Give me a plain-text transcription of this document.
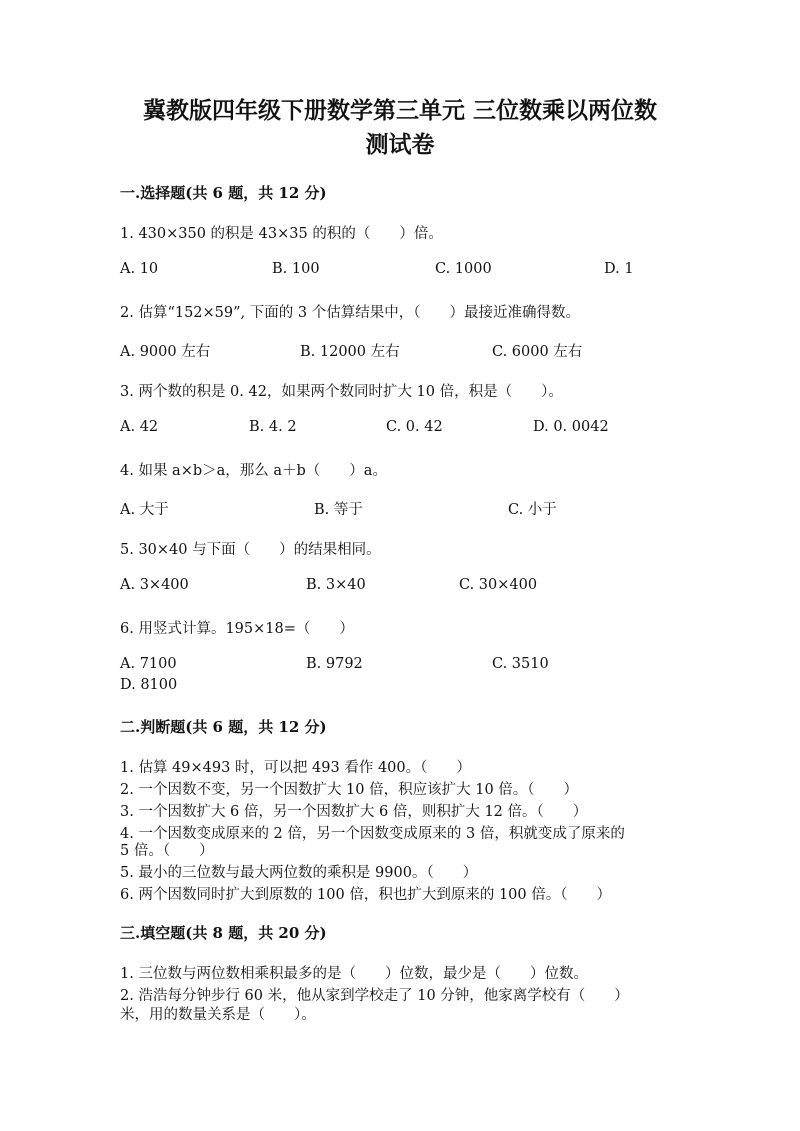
冀教版四年级下册数学第三单元 三位数乘以两位数
测试卷
一.选择题(共 6 题，共 12 分)
1. 430×350 的积是 43×35 的积的（　　）倍。
A. 10	B. 100	C. 1000	D. 1
2. 估算“152×59”, 下面的 3 个估算结果中，（　　）最接近准确得数。
A. 9000 左右	B. 12000 左右	C. 6000 左右
3. 两个数的积是 0. 42，如果两个数同时扩大 10 倍，积是（　　）。
A. 42	B. 4. 2	C. 0. 42	D. 0. 0042
4. 如果 a×b＞a，那么 a＋b（　　）a。
A. 大于	B. 等于	C. 小于
5. 30×40 与下面（　　）的结果相同。
A. 3×400	B. 3×40	C. 30×400
6. 用竖式计算。195×18=（　　）
A. 7100	B. 9792	C. 3510
D. 8100
二.判断题(共 6 题，共 12 分)
1. 估算 49×493 时，可以把 493 看作 400。（　　）
2. 一个因数不变，另一个因数扩大 10 倍，积应该扩大 10 倍。（　　）
3. 一个因数扩大 6 倍，另一个因数扩大 6 倍，则积扩大 12 倍。（　　）
4. 一个因数变成原来的 2 倍，另一个因数变成原来的 3 倍，积就变成了原来的
5 倍。（　　）
5. 最小的三位数与最大两位数的乘积是 9900。（　　）
6. 两个因数同时扩大到原数的 100 倍，积也扩大到原来的 100 倍。（　　）
三.填空题(共 8 题，共 20 分)
1. 三位数与两位数相乘积最多的是（　　）位数，最少是（　　）位数。
2. 浩浩每分钟步行 60 米，他从家到学校走了 10 分钟，他家离学校有（　　）
米，用的数量关系是（　　）。
